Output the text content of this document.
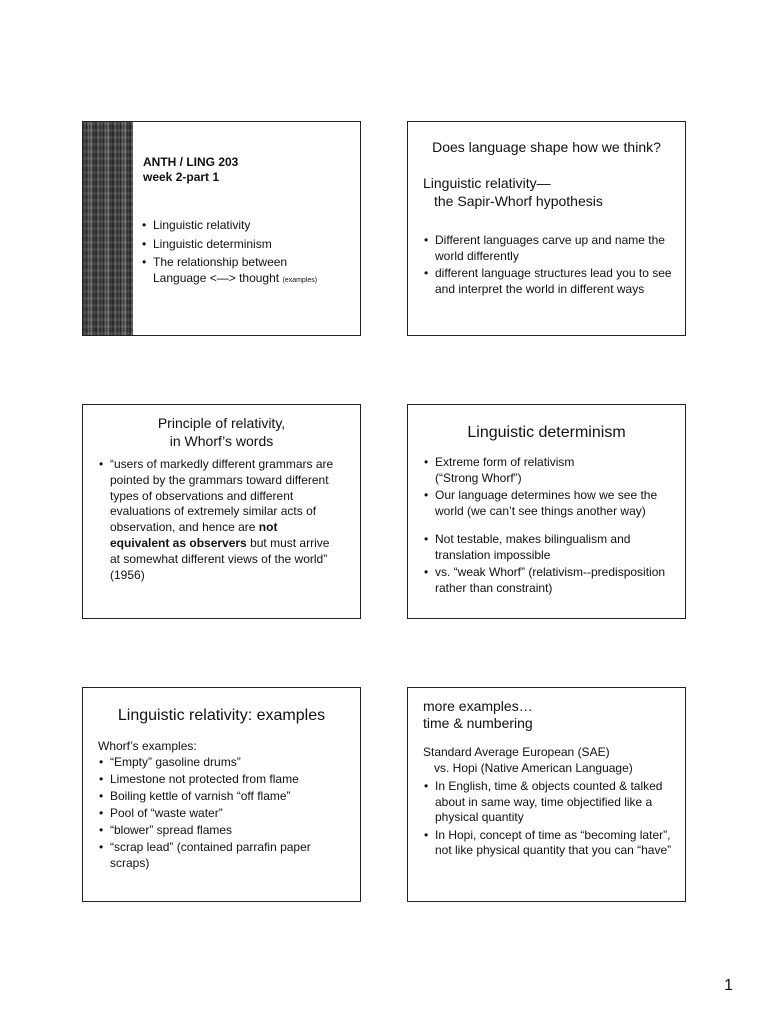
ANTH / LING 203
week 2-part 1
• Linguistic relativity
• Linguistic determinism
• The relationship between
Language <—> thought (examples)
Does language shape how we think?
Linguistic relativity—
the Sapir-Whorf hypothesis
• Different languages carve up and name the world differently
• different language structures lead you to see and interpret the world in different ways
Principle of relativity,
in Whorf’s words
• “users of markedly different grammars are pointed by the grammars toward different types of observations and different evaluations of extremely similar acts of observation, and hence are not equivalent as observers but must arrive at somewhat different views of the world” (1956)
Linguistic determinism
• Extreme form of relativism (“Strong Whorf”)
• Our language determines how we see the world (we can’t see things another way)
• Not testable, makes bilingualism and translation impossible
• vs. “weak Whorf” (relativism--predisposition rather than constraint)
Linguistic relativity: examples
Whorf’s examples:
• “Empty” gasoline drums”
• Limestone not protected from flame
• Boiling kettle of varnish “off flame”
• Pool of “waste water”
• “blower” spread flames
• “scrap lead” (contained parrafin paper scraps)
more examples…
time & numbering
Standard Average European (SAE)
vs. Hopi (Native American Language)
• In English, time & objects counted & talked about in same way, time objectified like a physical quantity
• In Hopi, concept of time as “becoming later”, not like physical quantity that you can “have”
1
